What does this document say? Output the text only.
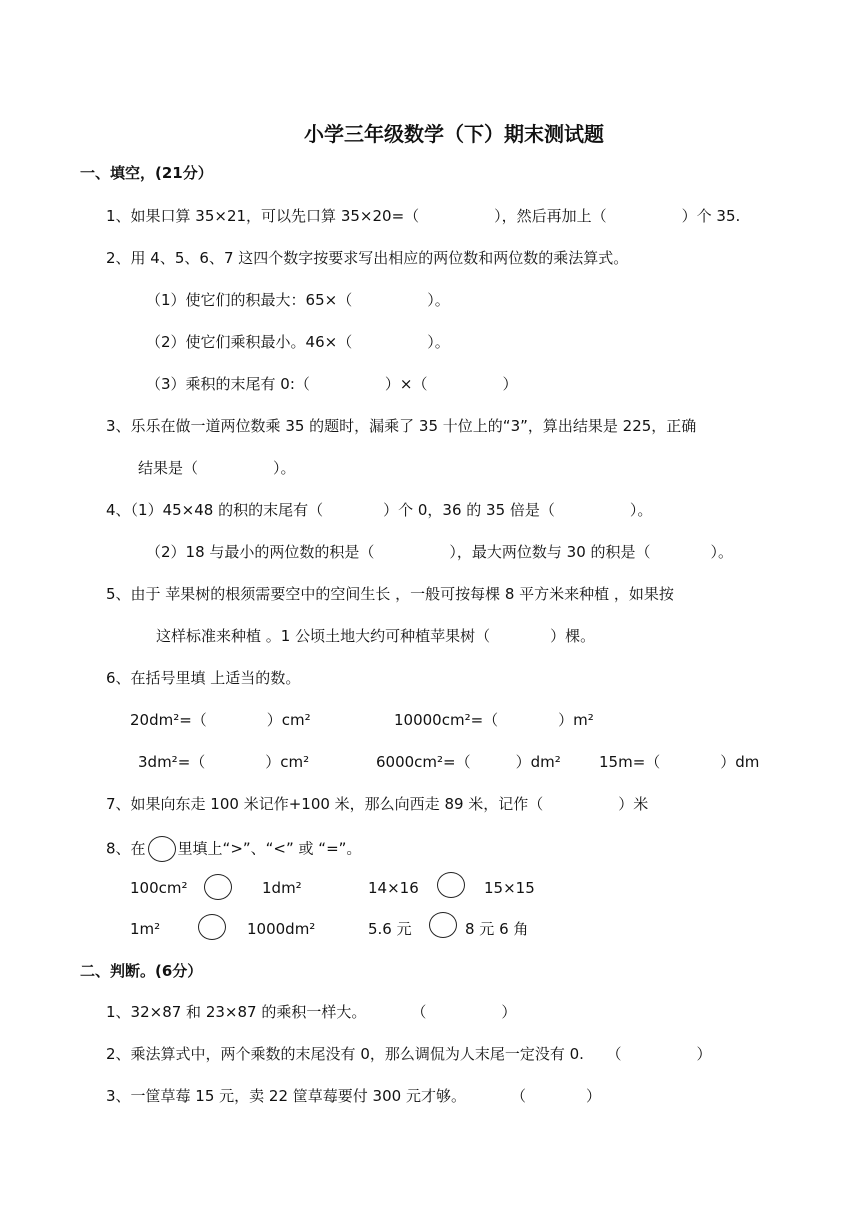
小学三年级数学（下）期末测试题
一、填空，(21分）
1、如果口算 35×21，可以先口算 35×20=（　　　　　），然后再加上（　　　　　）个 35.
2、用 4、5、6、7 这四个数字按要求写出相应的两位数和两位数的乘法算式。
（1）使它们的积最大：65×（　　　　　）。
（2）使它们乘积最小。46×（　　　　　）。
（3）乘积的末尾有 0:（　　　　　）×（　　　　　）
3、乐乐在做一道两位数乘 35 的题时，漏乘了 35 十位上的“3”，算出结果是 225，正确
结果是（　　　　　）。
4、（1）45×48 的积的末尾有（　　　　）个 0，36 的 35 倍是（　　　　　）。
（2）18 与最小的两位数的积是（　　　　　），最大两位数与 30 的积是（　　　　）。
5、由于 苹果树的根须需要空中的空间生长 ，一般可按每棵 8 平方米来种植 ，如果按
这样标准来种植 。1 公顷土地大约可种植苹果树（　　　　）棵。
6、在括号里填 上适当的数。
20dm²=（　　　　）cm²	10000cm²=（　　　　）m²
3dm²=（　　　　）cm²	6000cm²=（　　　）dm²	15m=（　　　　）dm
7、如果向东走 100 米记作+100 米，那么向西走 89 米，记作（　　　　　）米
8、在 里填上“>”、“<” 或 “=”。
100cm²	1dm²	14×16	15×15
1m²	1000dm²	5.6 元	8 元 6 角
二、判断。(6分）
1、32×87 和 23×87 的乘积一样大。　　　　（　　　　　）
2、乘法算式中，两个乘数的末尾没有 0，那么调侃为人末尾一定没有 0.　　（　　　　　）
3、一筐草莓 15 元，卖 22 筐草莓要付 300 元才够。　　　　（　　　　）
